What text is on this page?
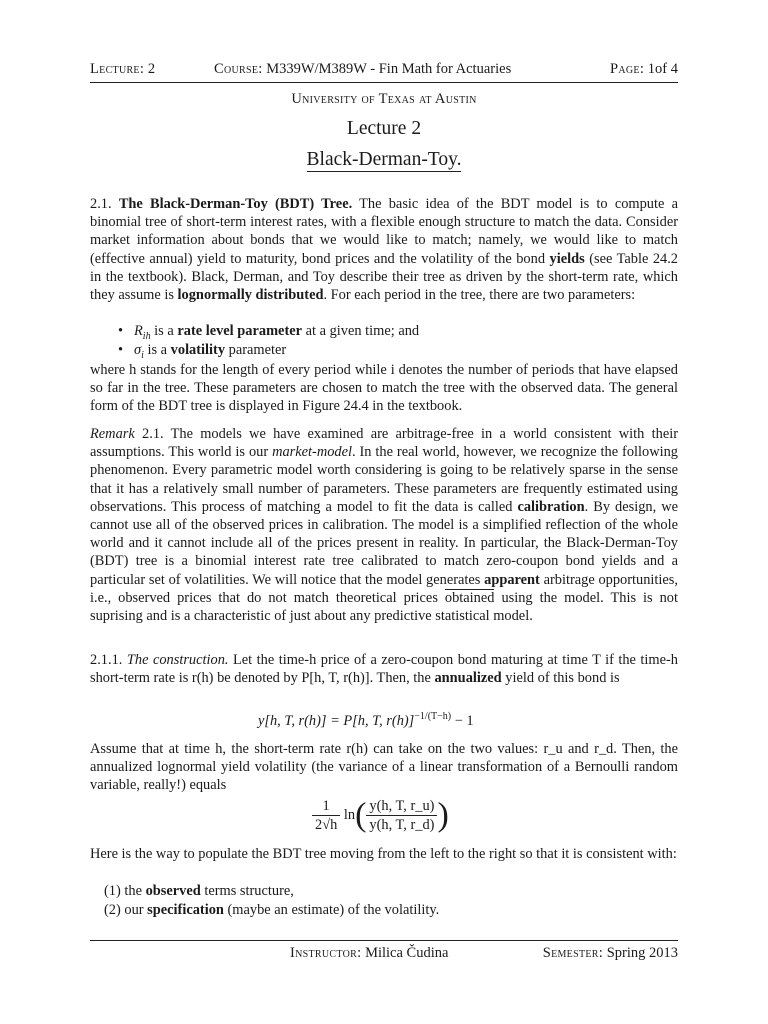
Lecture: 2	Course: M339W/M389W - Fin Math for Actuaries	Page: 1of 4
University of Texas at Austin
Lecture 2
Black-Derman-Toy.

2.1. The Black-Derman-Toy (BDT) Tree. The basic idea of the BDT model is to compute a binomial tree of short-term interest rates, with a flexible enough structure to match the data. Consider market information about bonds that we would like to match; namely, we would like to match (effective annual) yield to maturity, bond prices and the volatility of the bond yields (see Table 24.2 in the textbook). Black, Derman, and Toy describe their tree as driven by the short-term rate, which they assume is lognormally distributed. For each period in the tree, there are two parameters:

• $R_{ih}$ is a rate level parameter at a given time; and
• $\sigma_i$ is a volatility parameter

where h stands for the length of every period while i denotes the number of periods that have elapsed so far in the tree. These parameters are chosen to match the tree with the observed data. The general form of the BDT tree is displayed in Figure 24.4 in the textbook.

Remark 2.1. The models we have examined are arbitrage-free in a world consistent with their assumptions. This world is our market-model. In the real world, however, we recognize the following phenomenon. Every parametric model worth considering is going to be relatively sparse in the sense that it has a relatively small number of parameters. These parameters are frequently estimated using observations. This process of matching a model to fit the data is called calibration. By design, we cannot use all of the observed prices in calibration. The model is a simplified reflection of the whole world and it cannot include all of the prices present in reality. In particular, the Black-Derman-Toy (BDT) tree is a binomial interest rate tree calibrated to match zero-coupon bond yields and a particular set of volatilities. We will notice that the model generates apparent arbitrage opportunities, i.e., observed prices that do not match theoretical prices obtained using the model. This is not suprising and is a characteristic of just about any predictive statistical model.

2.1.1. The construction. Let the time-h price of a zero-coupon bond maturing at time T if the time-h short-term rate is r(h) be denoted by P[h, T, r(h)]. Then, the annualized yield of this bond is

y[h, T, r(h)] = P[h, T, r(h)]$^{-1/(T-h)}$ − 1

Assume that at time h, the short-term rate r(h) can take on the two values: r_u and r_d. Then, the annualized lognormal yield volatility (the variance of a linear transformation of a Bernoulli random variable, really!) equals

$\frac{1}{2√h} \ln( \frac{y(h, T, r\_u)}{y(h, T, r\_d)}$ )

Here is the way to populate the BDT tree moving from the left to the right so that it is consistent with:

(1) the observed terms structure,
(2) our specification (maybe an estimate) of the volatility.
Instructor: Milica Čudina	Semester: Spring 2013
